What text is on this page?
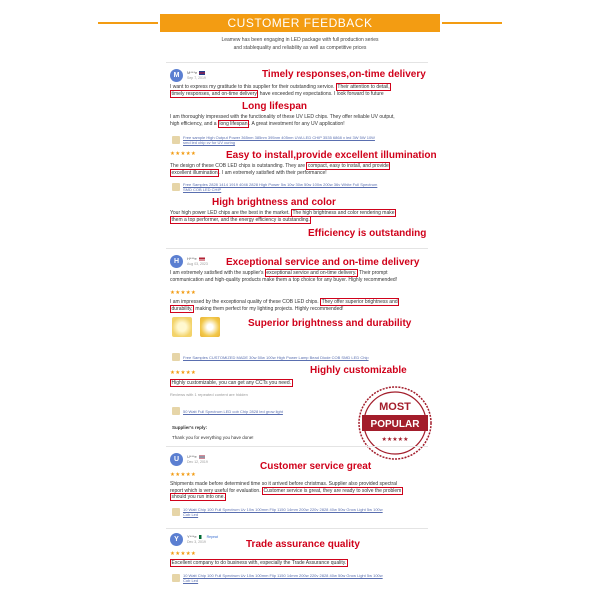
CUSTOMER FEEDBACK
Leamew has been engaging in LED package with full production series
and stablequality and reliability as well as competitive prices
M	M***e
Sep 7, 2019	Timely responses,on-time delivery
I want to express my gratitude to this supplier for their outstanding service. Their attention to detail,
timely responses, and on-time delivery have exceeded my expectations. I look forward to future
Long lifespan
I am thoroughly impressed with the functionality of these UV LED chips. They offer reliable UV output,
high efficiency, and a long lifespan . A great investment for any UV application!
Free sample High Output Power 365nm 385nm 395nm 405nm UVA LED CHIP 3535 6868 x led 3W 5W 10W
smd led chip cv for UV curing
★★★★★	Easy to install,provide excellent illumination
The design of these COB LED chips is outstanding. They are compact, easy to install, and provide
excellent illumination . I am extremely satisfied with their performance!
Free Samples 2828 1414 1919 4046 2828 High Power 5w 10w 30w 50w 100w 200w 36v White Full Spectrum
SMD COB LED CHIP
High brightness and color
Your high power LED chips are the best in the market. The high brightness and color rendering make
them a top performer, and the energy efficiency is outstanding.
Efficiency is outstanding
H	H***e
Aug 03, 2023 Exceptional service and on-time delivery
I am extremely satisfied with the supplier's exceptional service and on-time delivery. Their prompt
communication and high-quality products make them a top choice for any buyer. Highly recommended!
★★★★★
I am impressed by the exceptional quality of these COB LED chips. They offer superior brightness and
durability, making them perfect for my lighting projects. Highly recommended!
Superior brightness and durability
Free Samples CUSTOMIZED MADE 30w 50w 100w High Power Lamp Bead Diode COB SMD LED Chip
Highly customizable
★★★★★
Highly customizable, you can get any CCTs you need.
Reviews with 1 repeated content are hidden
50 Watt Full Spectrum LED cob Chip 2828 led grow light
Supplier's reply:
Thank you for everything you have done!
MOST
POPULAR
★★★★★
U	U***e
Dec 12, 2019	Customer service great
★★★★★
Shipments made before determined time so it arrived before christmas. Supplier also provided spectral
report which is very useful for evaluation. Customer service is great, they are ready to solve the problem
should you run into one.
10 Watt Chip 100 Full Spectrum Uv 10w 100mm Flip 1150 14mm 200w 220v 2828 40w 50w Grow Light 5w 100w
Cob Led
Y	Y***e	Repeat
Dec 3, 2019	Trade assurance quality
★★★★★
Excellent company to do business with, especially the Trade Assurance quality.
10 Watt Chip 100 Full Spectrum Uv 10w 100mm Flip 1150 14mm 200w 220v 2828 40w 50w Grow Light 5w 100w
Cob Led
